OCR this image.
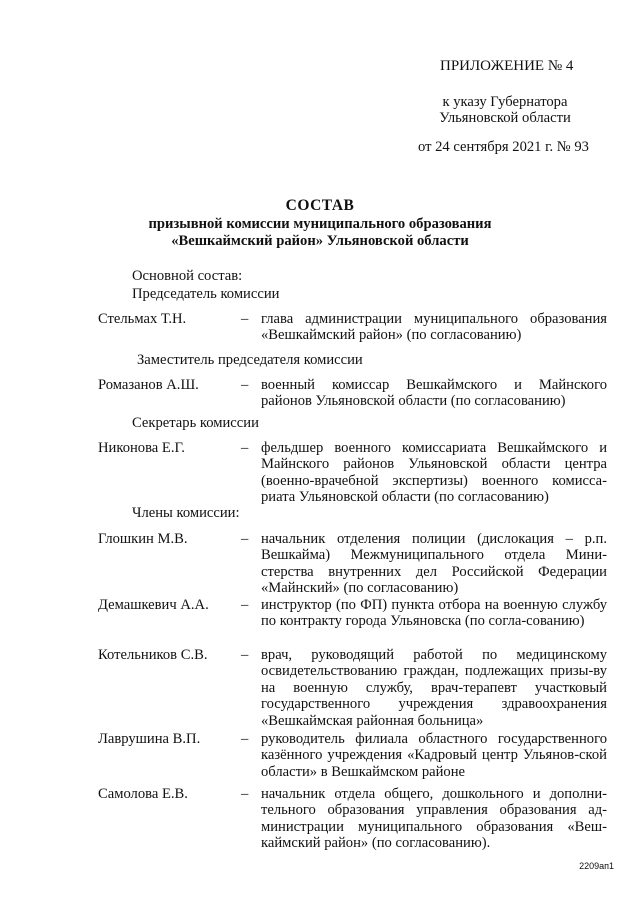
ПРИЛОЖЕНИЕ № 4
к указу Губернатора
Ульяновской области
от 24 сентября 2021 г. № 93
СОСТАВ
призывной комиссии муниципального образования
«Вешкаймский район» Ульяновской области
Основной состав:
Председатель комиссии
Стельмах Т.Н.	– глава администрации муниципального образования «Вешкаймский район» (по согласованию)
Заместитель председателя комиссии
Ромазанов А.Ш.	– военный комиссар Вешкаймского и Майнского районов Ульяновской области (по согласованию)
Секретарь комиссии
Никонова Е.Г.	– фельдшер военного комиссариата Вешкаймского и Майнского районов Ульяновской области центра (военно-врачебной экспертизы) военного комисса-риата Ульяновской области (по согласованию)
Члены комиссии:
Глошкин М.В.	– начальник отделения полиции (дислокация – р.п. Вешкайма) Межмуниципального отдела Мини-стерства внутренних дел Российской Федерации «Майнский» (по согласованию)
Демашкевич А.А.	– инструктор (по ФП) пункта отбора на военную службу по контракту города Ульяновска (по согла-сованию)
Котельников С.В.	– врач, руководящий работой по медицинскому освидетельствованию граждан, подлежащих призы-ву на военную службу, врач-терапевт участковый государственного учреждения здравоохранения «Вешкаймская районная больница»
Лаврушина В.П.	– руководитель филиала областного государственного казённого учреждения «Кадровый центр Ульянов-ской области» в Вешкаймском районе
Самолова Е.В.	– начальник отдела общего, дошкольного и дополни-тельного образования управления образования ад-министрации муниципального образования «Веш-каймский район» (по согласованию).
2209ап1
